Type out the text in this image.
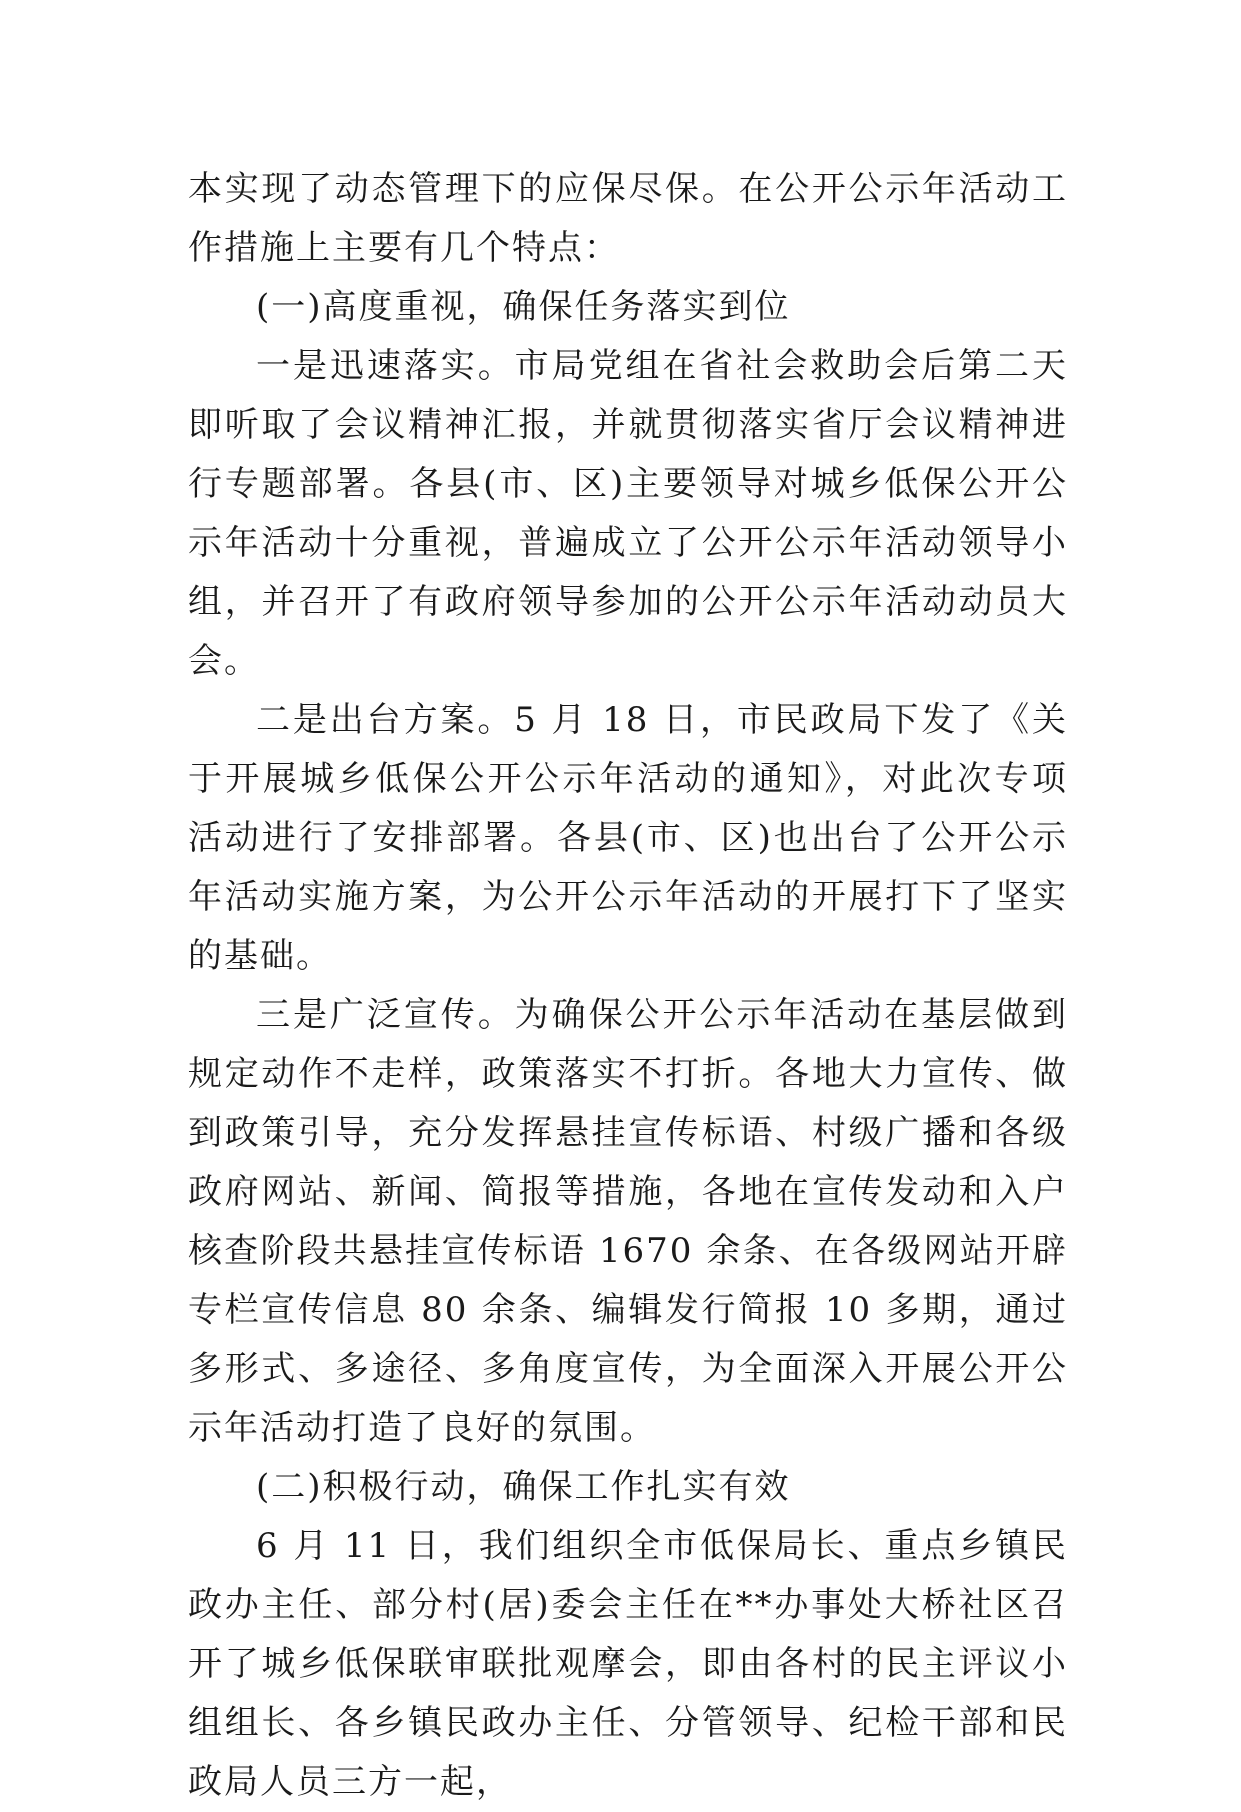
本实现了动态管理下的应保尽保。在公开公示年活动工作措施上主要有几个特点：

(一)高度重视，确保任务落实到位

一是迅速落实。市局党组在省社会救助会后第二天即听取了会议精神汇报，并就贯彻落实省厅会议精神进行专题部署。各县(市、区)主要领导对城乡低保公开公示年活动十分重视，普遍成立了公开公示年活动领导小组，并召开了有政府领导参加的公开公示年活动动员大会。

二是出台方案。5 月 18 日，市民政局下发了《关于开展城乡低保公开公示年活动的通知》，对此次专项活动进行了安排部署。各县(市、区)也出台了公开公示年活动实施方案，为公开公示年活动的开展打下了坚实的基础。

三是广泛宣传。为确保公开公示年活动在基层做到规定动作不走样，政策落实不打折。各地大力宣传、做到政策引导，充分发挥悬挂宣传标语、村级广播和各级政府网站、新闻、简报等措施，各地在宣传发动和入户核查阶段共悬挂宣传标语 1670 余条、在各级网站开辟专栏宣传信息 80 余条、编辑发行简报 10 多期，通过多形式、多途径、多角度宣传，为全面深入开展公开公示年活动打造了良好的氛围。

(二)积极行动，确保工作扎实有效

6 月 11 日，我们组织全市低保局长、重点乡镇民政办主任、部分村(居)委会主任在**办事处大桥社区召开了城乡低保联审联批观摩会，即由各村的民主评议小组组长、各乡镇民政办主任、分管领导、纪检干部和民政局人员三方一起，
